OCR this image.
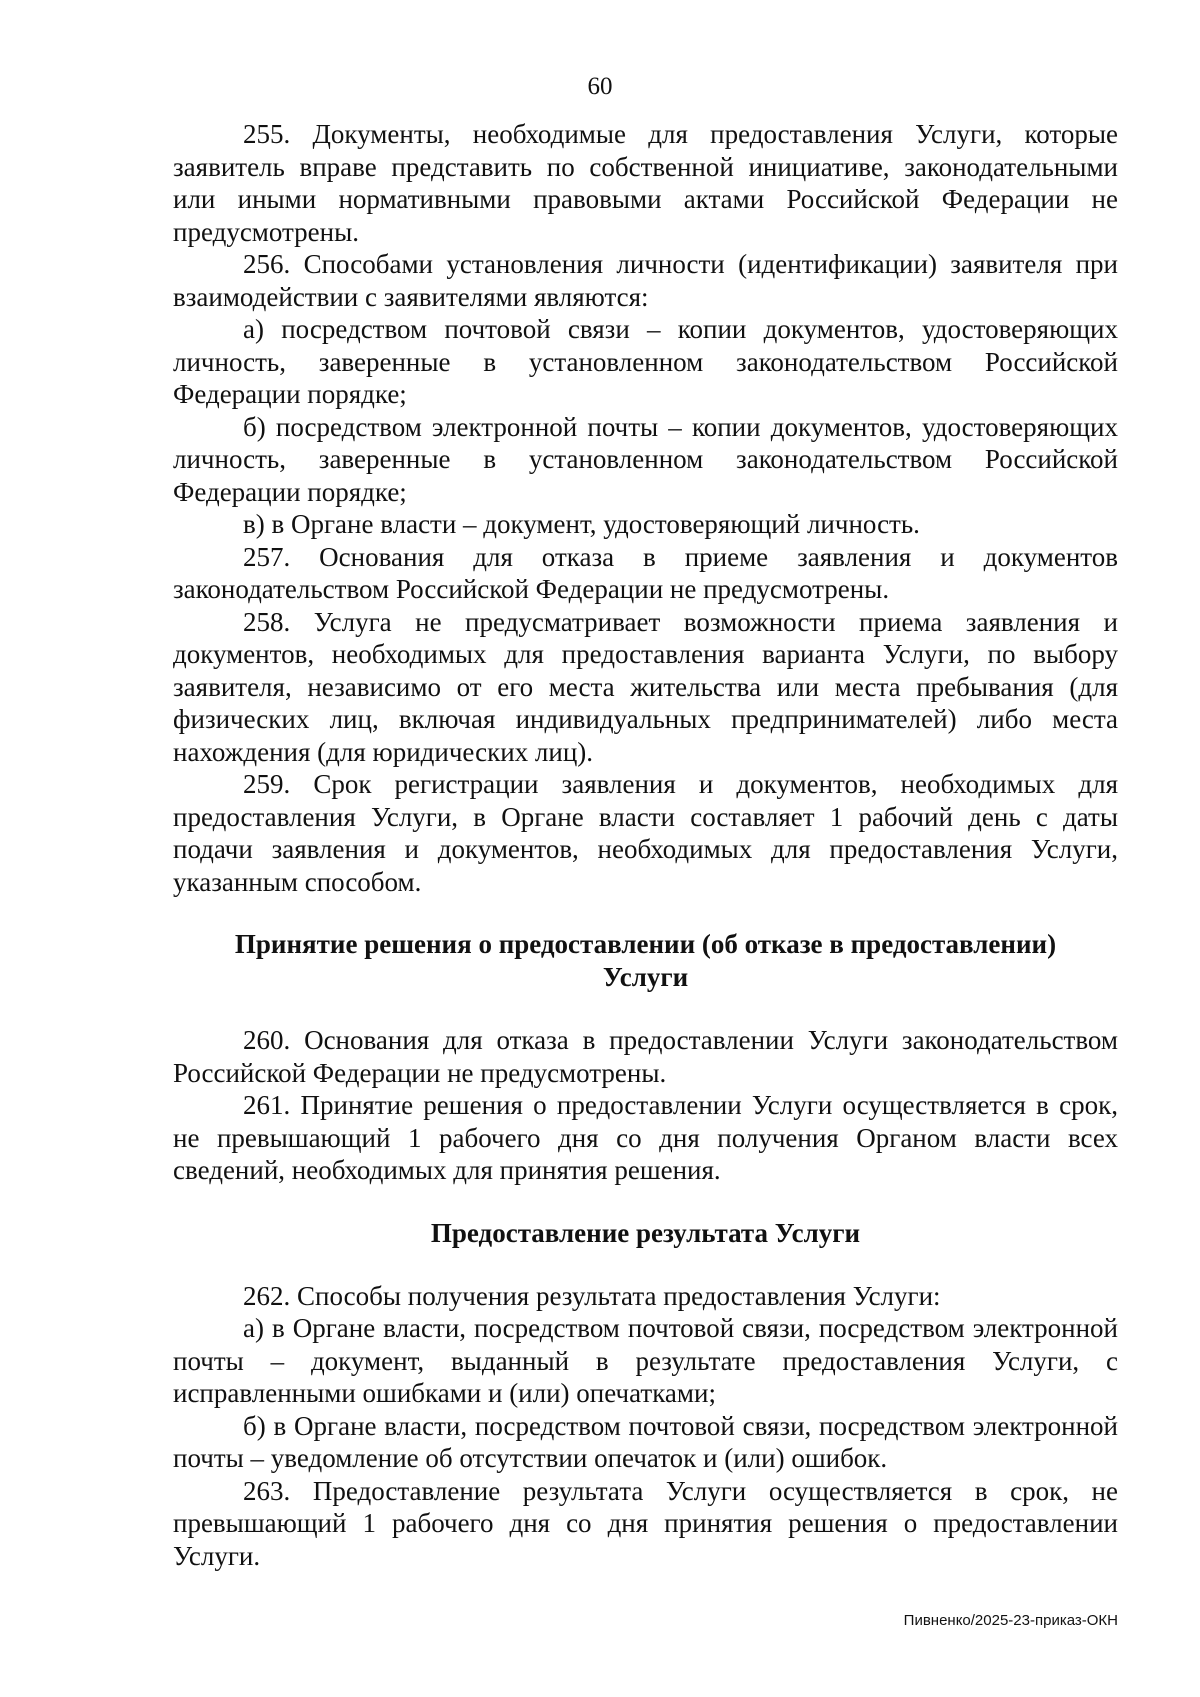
60

255. Документы, необходимые для предоставления Услуги, которые заявитель вправе представить по собственной инициативе, законодательными или иными нормативными правовыми актами Российской Федерации не предусмотрены.

256. Способами установления личности (идентификации) заявителя при взаимодействии с заявителями являются:

а) посредством почтовой связи – копии документов, удостоверяющих личность, заверенные в установленном законодательством Российской Федерации порядке;

б) посредством электронной почты – копии документов, удостоверяющих личность, заверенные в установленном законодательством Российской Федерации порядке;

в) в Органе власти – документ, удостоверяющий личность.

257. Основания для отказа в приеме заявления и документов законодательством Российской Федерации не предусмотрены.

258. Услуга не предусматривает возможности приема заявления и документов, необходимых для предоставления варианта Услуги, по выбору заявителя, независимо от его места жительства или места пребывания (для физических лиц, включая индивидуальных предпринимателей) либо места нахождения (для юридических лиц).

259. Срок регистрации заявления и документов, необходимых для предоставления Услуги, в Органе власти составляет 1 рабочий день с даты подачи заявления и документов, необходимых для предоставления Услуги, указанным способом.

Принятие решения о предоставлении (об отказе в предоставлении)
Услуги

260. Основания для отказа в предоставлении Услуги законодательством Российской Федерации не предусмотрены.

261. Принятие решения о предоставлении Услуги осуществляется в срок, не превышающий 1 рабочего дня со дня получения Органом власти всех сведений, необходимых для принятия решения.

Предоставление результата Услуги

262. Способы получения результата предоставления Услуги:

а) в Органе власти, посредством почтовой связи, посредством электронной почты – документ, выданный в результате предоставления Услуги, с исправленными ошибками и (или) опечатками;

б) в Органе власти, посредством почтовой связи, посредством электронной почты – уведомление об отсутствии опечаток и (или) ошибок.

263. Предоставление результата Услуги осуществляется в срок, не превышающий 1 рабочего дня со дня принятия решения о предоставлении Услуги.

Пивненко/2025-23-приказ-ОКН
